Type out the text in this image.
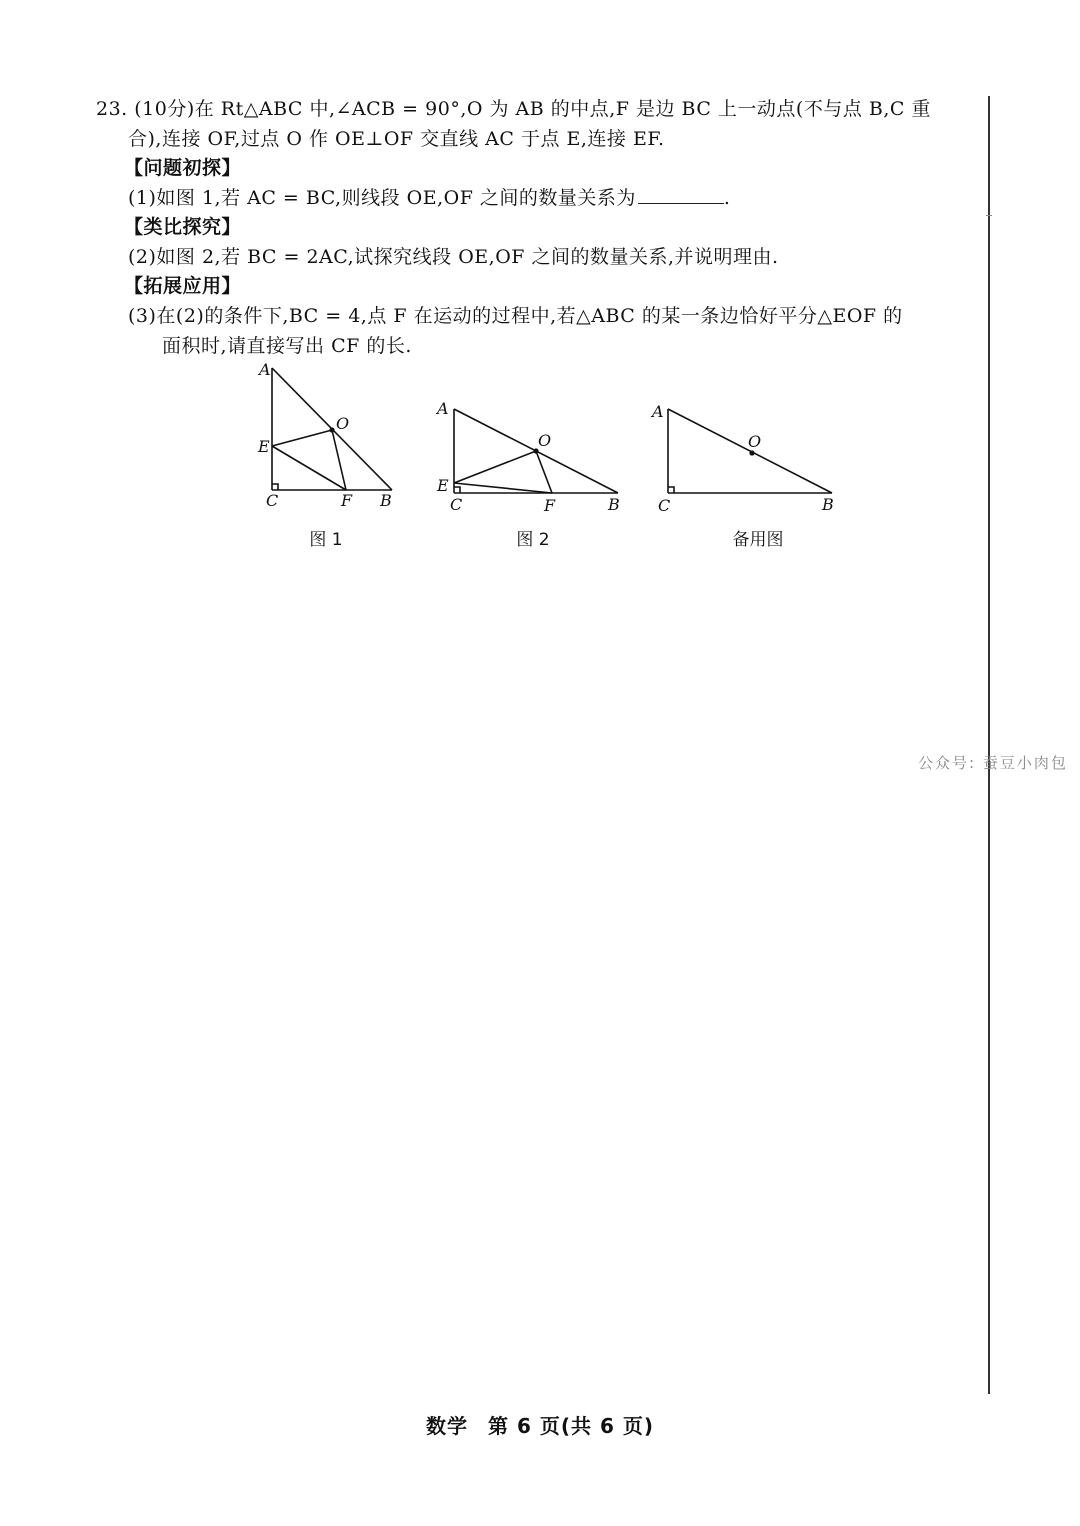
23. (10分)在 Rt△ABC 中,∠ACB = 90°,O 为 AB 的中点,F 是边 BC 上一动点(不与点 B,C 重
合),连接 OF,过点 O 作 OE⊥OF 交直线 AC 于点 E,连接 EF.
【问题初探】
(1)如图 1,若 AC = BC,则线段 OE,OF 之间的数量关系为	.
【类比探究】
(2)如图 2,若 BC = 2AC,试探究线段 OE,OF 之间的数量关系,并说明理由.
【拓展应用】
(3)在(2)的条件下,BC = 4,点 F 在运动的过程中,若△ABC 的某一条边恰好平分△EOF 的
面积时,请直接写出 CF 的长.
A
E
O
C	F B
图 1
A
E
O
C	F	B
图 2
A
O
C	B
备用图
公众号: 蚕豆小肉包
数学 第 6 页(共 6 页)
